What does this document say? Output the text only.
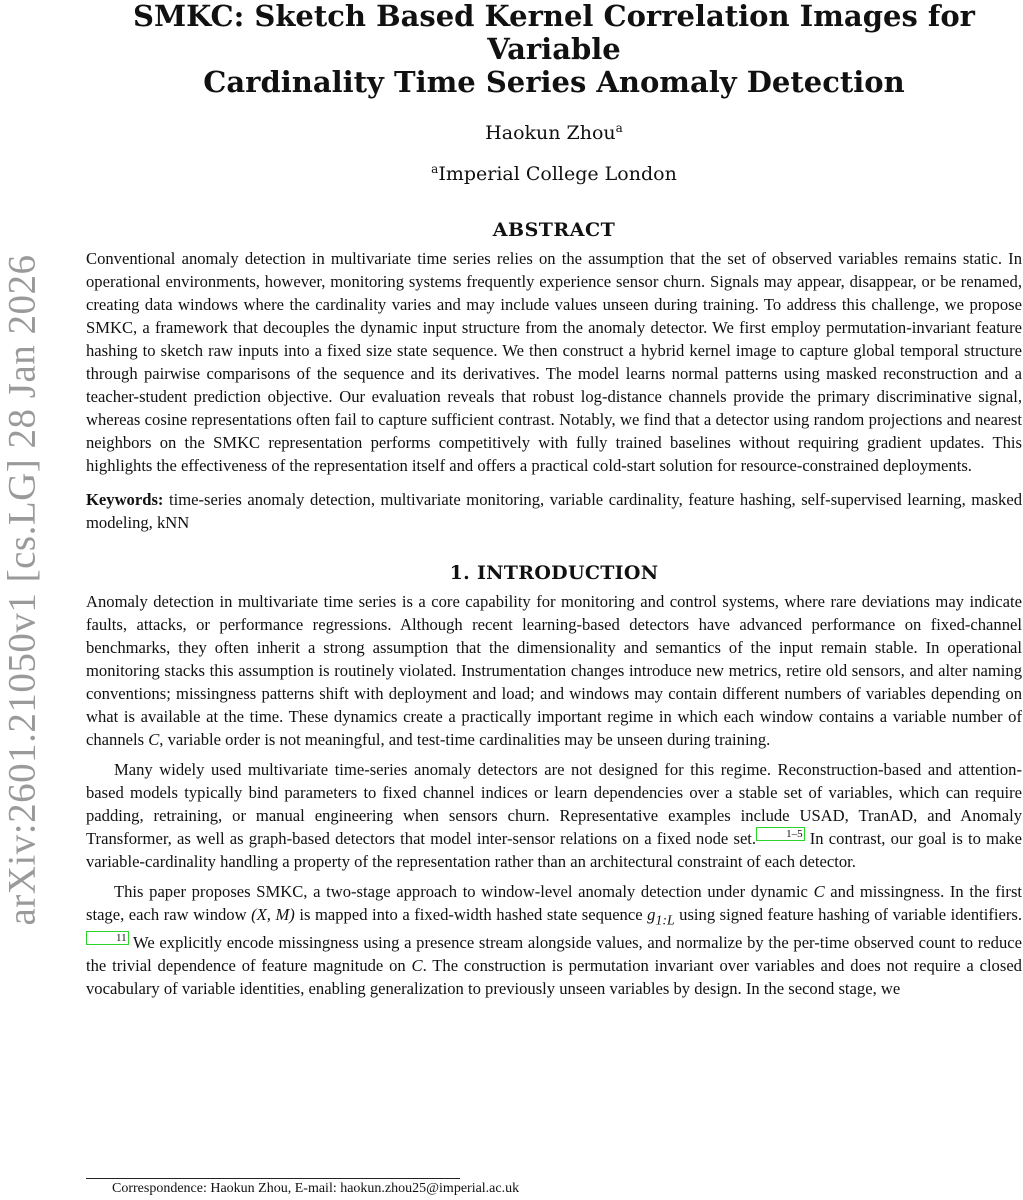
arXiv:2601.21050v1 [cs.LG] 28 Jan 2026
SMKC: Sketch Based Kernel Correlation Images for Variable
Cardinality Time Series Anomaly Detection
Haokun Zhou$^a$
$^a$Imperial College London
ABSTRACT

Conventional anomaly detection in multivariate time series relies on the assumption that the set of observed variables remains static. In operational environments, however, monitoring systems frequently experience sensor churn. Signals may appear, disappear, or be renamed, creating data windows where the cardinality varies and may include values unseen during training. To address this challenge, we propose SMKC, a framework that decouples the dynamic input structure from the anomaly detector. We first employ permutation-invariant feature hashing to sketch raw inputs into a fixed size state sequence. We then construct a hybrid kernel image to capture global temporal structure through pairwise comparisons of the sequence and its derivatives. The model learns normal patterns using masked reconstruction and a teacher-student prediction objective. Our evaluation reveals that robust log-distance channels provide the primary discriminative signal, whereas cosine representations often fail to capture sufficient contrast. Notably, we find that a detector using random projections and nearest neighbors on the SMKC representation performs competitively with fully trained baselines without requiring gradient updates. This highlights the effectiveness of the representation itself and offers a practical cold-start solution for resource-constrained deployments.

Keywords: time-series anomaly detection, multivariate monitoring, variable cardinality, feature hashing, self-supervised learning, masked modeling, kNN
1. INTRODUCTION

Anomaly detection in multivariate time series is a core capability for monitoring and control systems, where rare deviations may indicate faults, attacks, or performance regressions. Although recent learning-based detectors have advanced performance on fixed-channel benchmarks, they often inherit a strong assumption that the dimensionality and semantics of the input remain stable. In operational monitoring stacks this assumption is routinely violated. Instrumentation changes introduce new metrics, retire old sensors, and alter naming conventions; missingness patterns shift with deployment and load; and windows may contain different numbers of variables depending on what is available at the time. These dynamics create a practically important regime in which each window contains a variable number of channels C, variable order is not meaningful, and test-time cardinalities may be unseen during training.

Many widely used multivariate time-series anomaly detectors are not designed for this regime. Reconstruction-based and attention-based models typically bind parameters to fixed channel indices or learn dependencies over a stable set of variables, which can require padding, retraining, or manual engineering when sensors churn. Representative examples include USAD, TranAD, and Anomaly Transformer, as well as graph-based detectors that model inter-sensor relations on a fixed node set.	1–5 In contrast, our goal is to make variable-cardinality handling a property of the representation rather than an architectural constraint of each detector.

This paper proposes SMKC, a two-stage approach to window-level anomaly detection under dynamic C and missingness. In the first stage, each raw window (X, M) is mapped into a fixed-width hashed state sequence $g_{1:L}$ using signed feature hashing of variable identifiers.11 We explicitly encode missingness using a presence stream alongside values, and normalize by the per-time observed count to reduce the trivial dependence of feature magnitude on C. The construction is permutation invariant over variables and does not require a closed vocabulary of variable identities, enabling generalization to previously unseen variables by design. In the second stage, we

Correspondence: Haokun Zhou, E-mail: haokun.zhou25@imperial.ac.uk
